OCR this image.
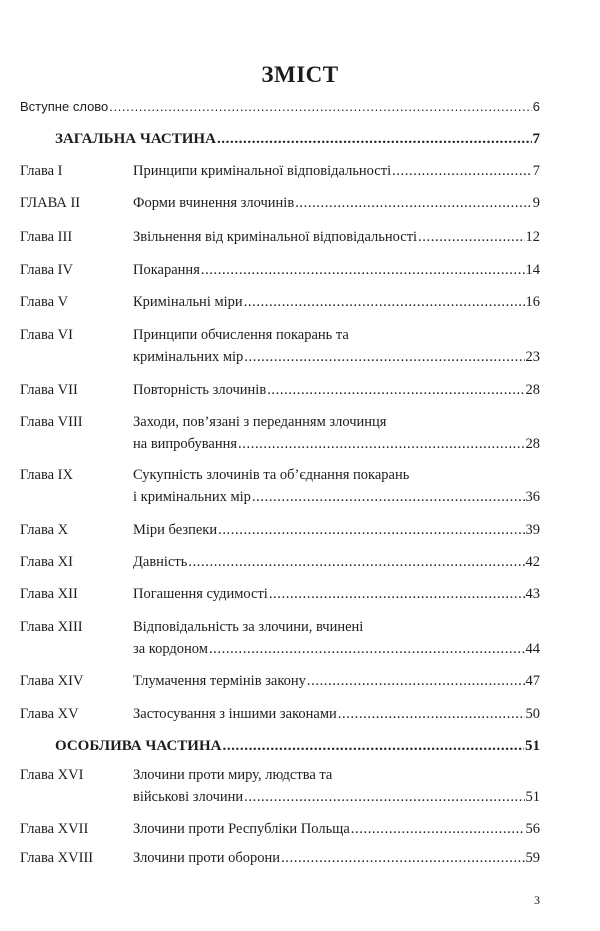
ЗМІСТ
Вступне слово .....	6
ЗАГАЛЬНА ЧАСТИНА .....	7
Глава I	Принципи кримінальної відповідальності .....	7
ГЛАВА II	Форми вчинення злочинів .....	9
Глава III	Звільнення від кримінальної відповідальності .....	12
Глава IV	Покарання .....	14
Глава V	Кримінальні міри .....	16
Глава VI	Принципи обчислення покарань та
кримінальних мір .....	23
Глава VII	Повторність злочинів .....	28
Глава VIII	Заходи, пов’язані з переданням злочинця
на випробування .....	28
Глава IX	Сукупність злочинів та об’єднання покарань
і кримінальних мір .....	36
Глава X	Міри безпеки .....	39
Глава XI	Давність .....	42
Глава XII	Погашення судимості .....	43
Глава XIII	Відповідальність за злочини, вчинені
за кордоном .....	44
Глава XIV	Тлумачення термінів закону .....	47
Глава XV	Застосування з іншими законами .....	50
ОСОБЛИВА ЧАСТИНА .....	51
Глава XVI	Злочини проти миру, людства та
військові злочини .....	51
Глава XVII	Злочини проти Республіки Польща .....	56
Глава XVIII	Злочини проти оборони .....	59
3
